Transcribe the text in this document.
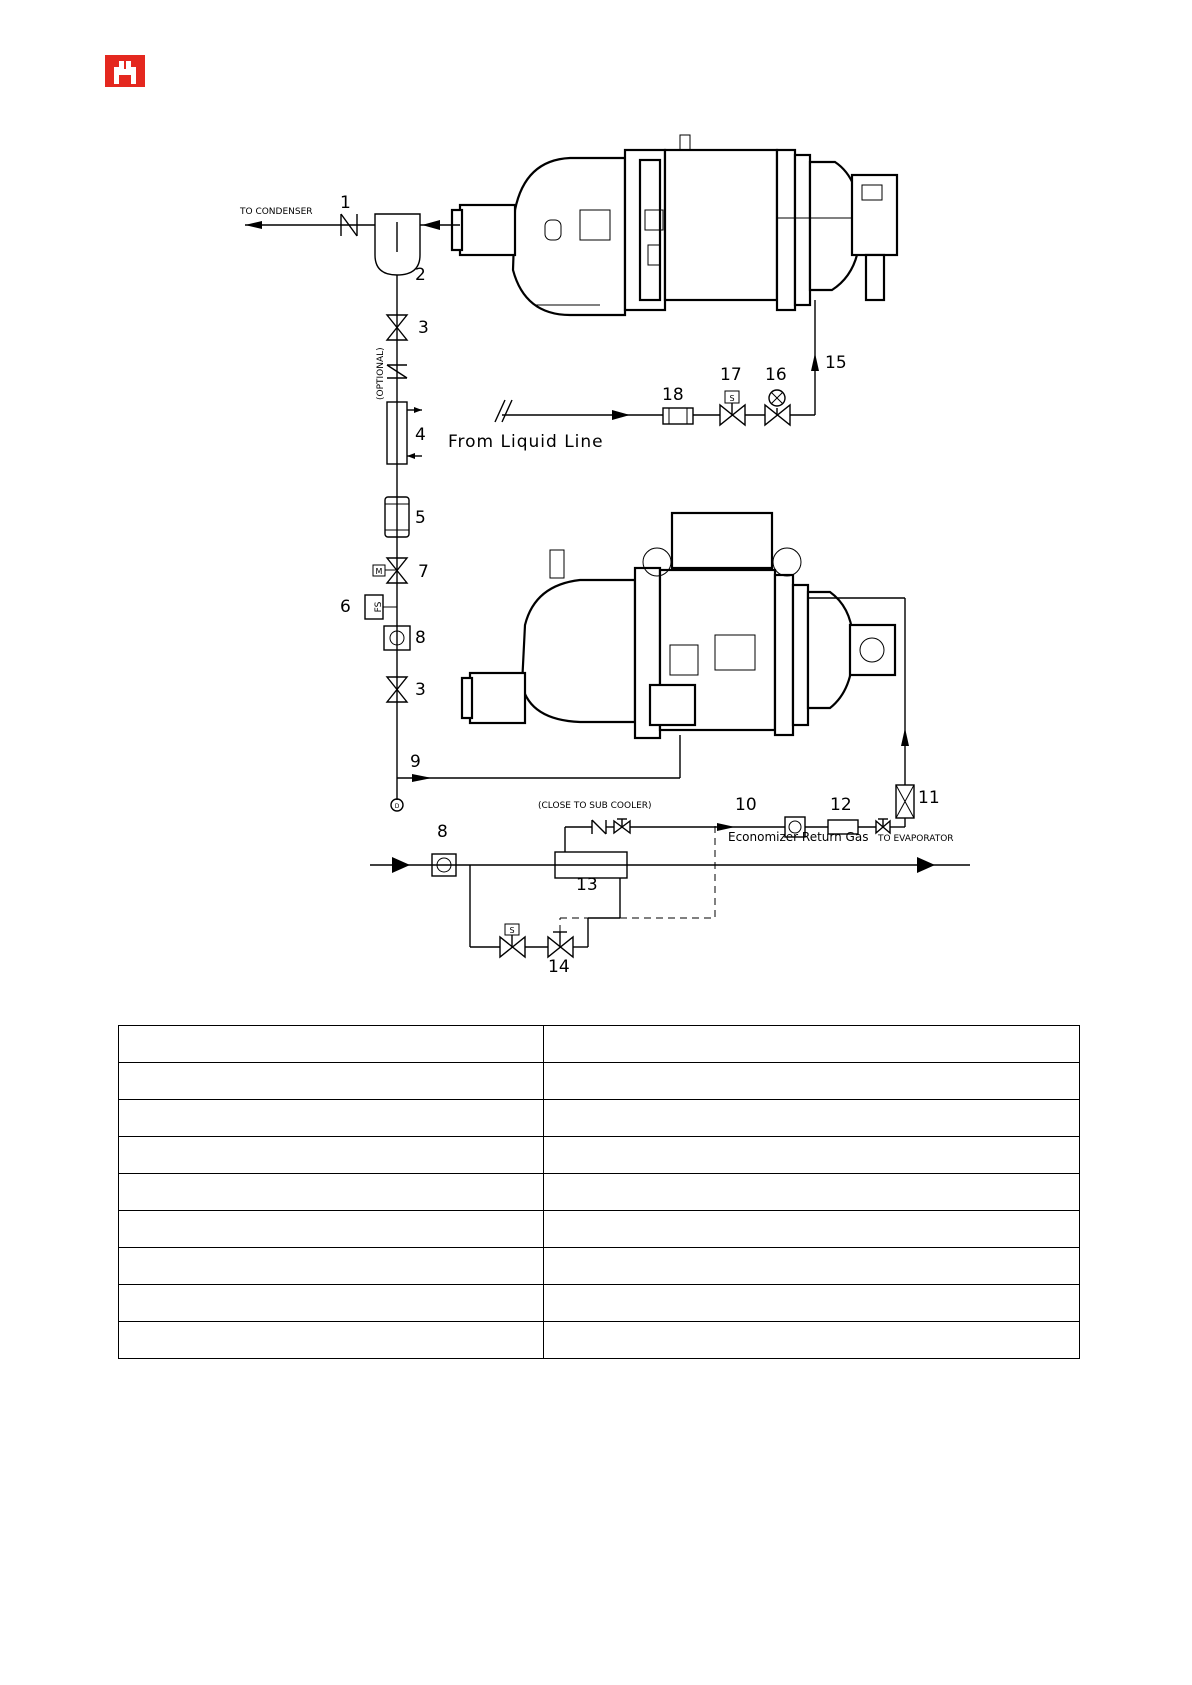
TO CONDENSER
(OPTIONAL)
From Liquid Line
(CLOSE TO SUB COOLER)
Economizer Return Gas TO EVAPORATOR
S
S
FS
M
D
1
2
3
3
4
5
6
7
8
8
9
10	11
12
13
14
15
16
17
18
